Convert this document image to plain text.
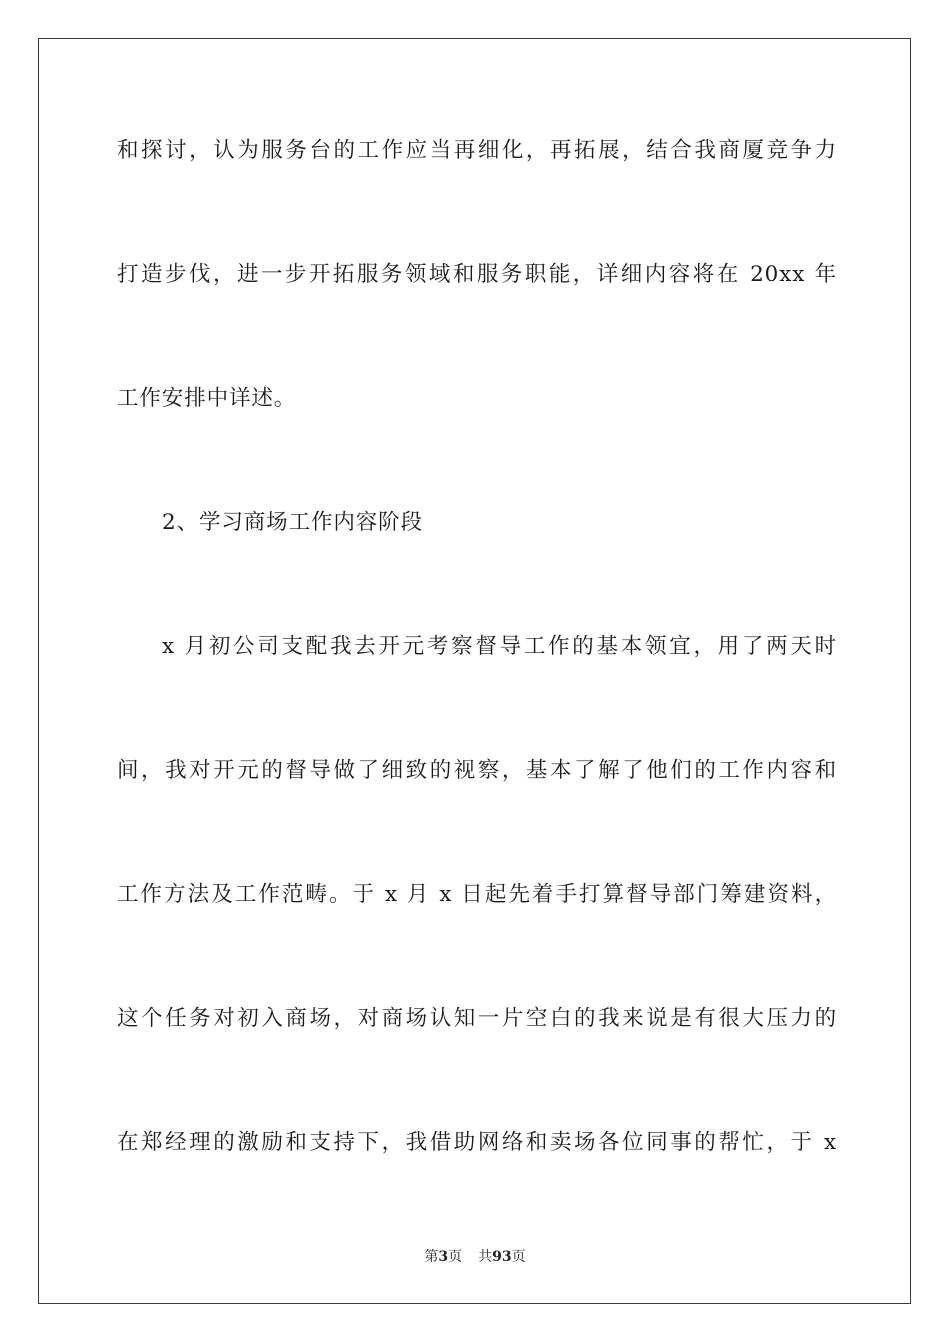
和探讨，认为服务台的工作应当再细化，再拓展，结合我商厦竞争力
打造步伐，进一步开拓服务领域和服务职能，详细内容将在 20xx 年
工作安排中详述。
2、学习商场工作内容阶段
x 月初公司支配我去开元考察督导工作的基本领宜，用了两天时
间，我对开元的督导做了细致的视察，基本了解了他们的工作内容和
工作方法及工作范畴。于 x 月 x 日起先着手打算督导部门筹建资料，
这个任务对初入商场，对商场认知一片空白的我来说是有很大压力的
在郑经理的激励和支持下，我借助网络和卖场各位同事的帮忙，于 x
第3页 共93页
